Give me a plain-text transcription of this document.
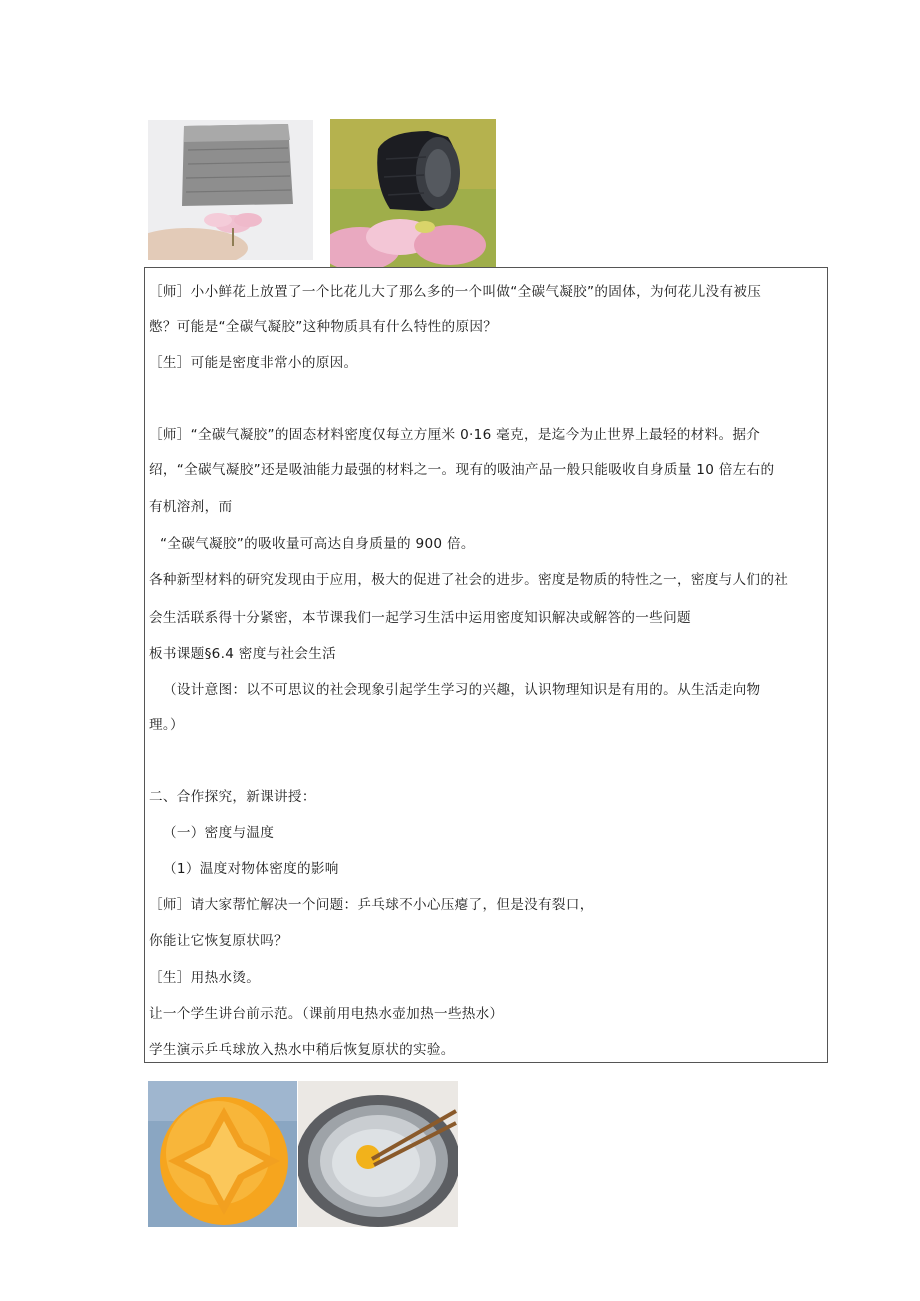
［师］小小鲜花上放置了一个比花儿大了那么多的一个叫做“全碳气凝胶”的固体，为何花儿没有被压
憋？可能是“全碳气凝胶”这种物质具有什么特性的原因？
［生］可能是密度非常小的原因。
［师］“全碳气凝胶”的固态材料密度仅每立方厘米 0·16 毫克，是迄今为止世界上最轻的材料。据介
绍，“全碳气凝胶”还是吸油能力最强的材料之一。现有的吸油产品一般只能吸收自身质量 10 倍左右的
有机溶剂，而
“全碳气凝胶”的吸收量可高达自身质量的 900 倍。
各种新型材料的研究发现由于应用，极大的促进了社会的进步。密度是物质的特性之一，密度与人们的社
会生活联系得十分紧密，本节课我们一起学习生活中运用密度知识解决或解答的一些问题
板书课题§6.4 密度与社会生活
（设计意图：以不可思议的社会现象引起学生学习的兴趣，认识物理知识是有用的。从生活走向物
理。）
二、合作探究，新课讲授：
（一）密度与温度
（1）温度对物体密度的影响
［师］请大家帮忙解决一个问题：乒乓球不小心压瘪了，但是没有裂口，
你能让它恢复原状吗？
［生］用热水烫。
让一个学生讲台前示范。（课前用电热水壶加热一些热水）
学生演示乒乓球放入热水中稍后恢复原状的实验。
